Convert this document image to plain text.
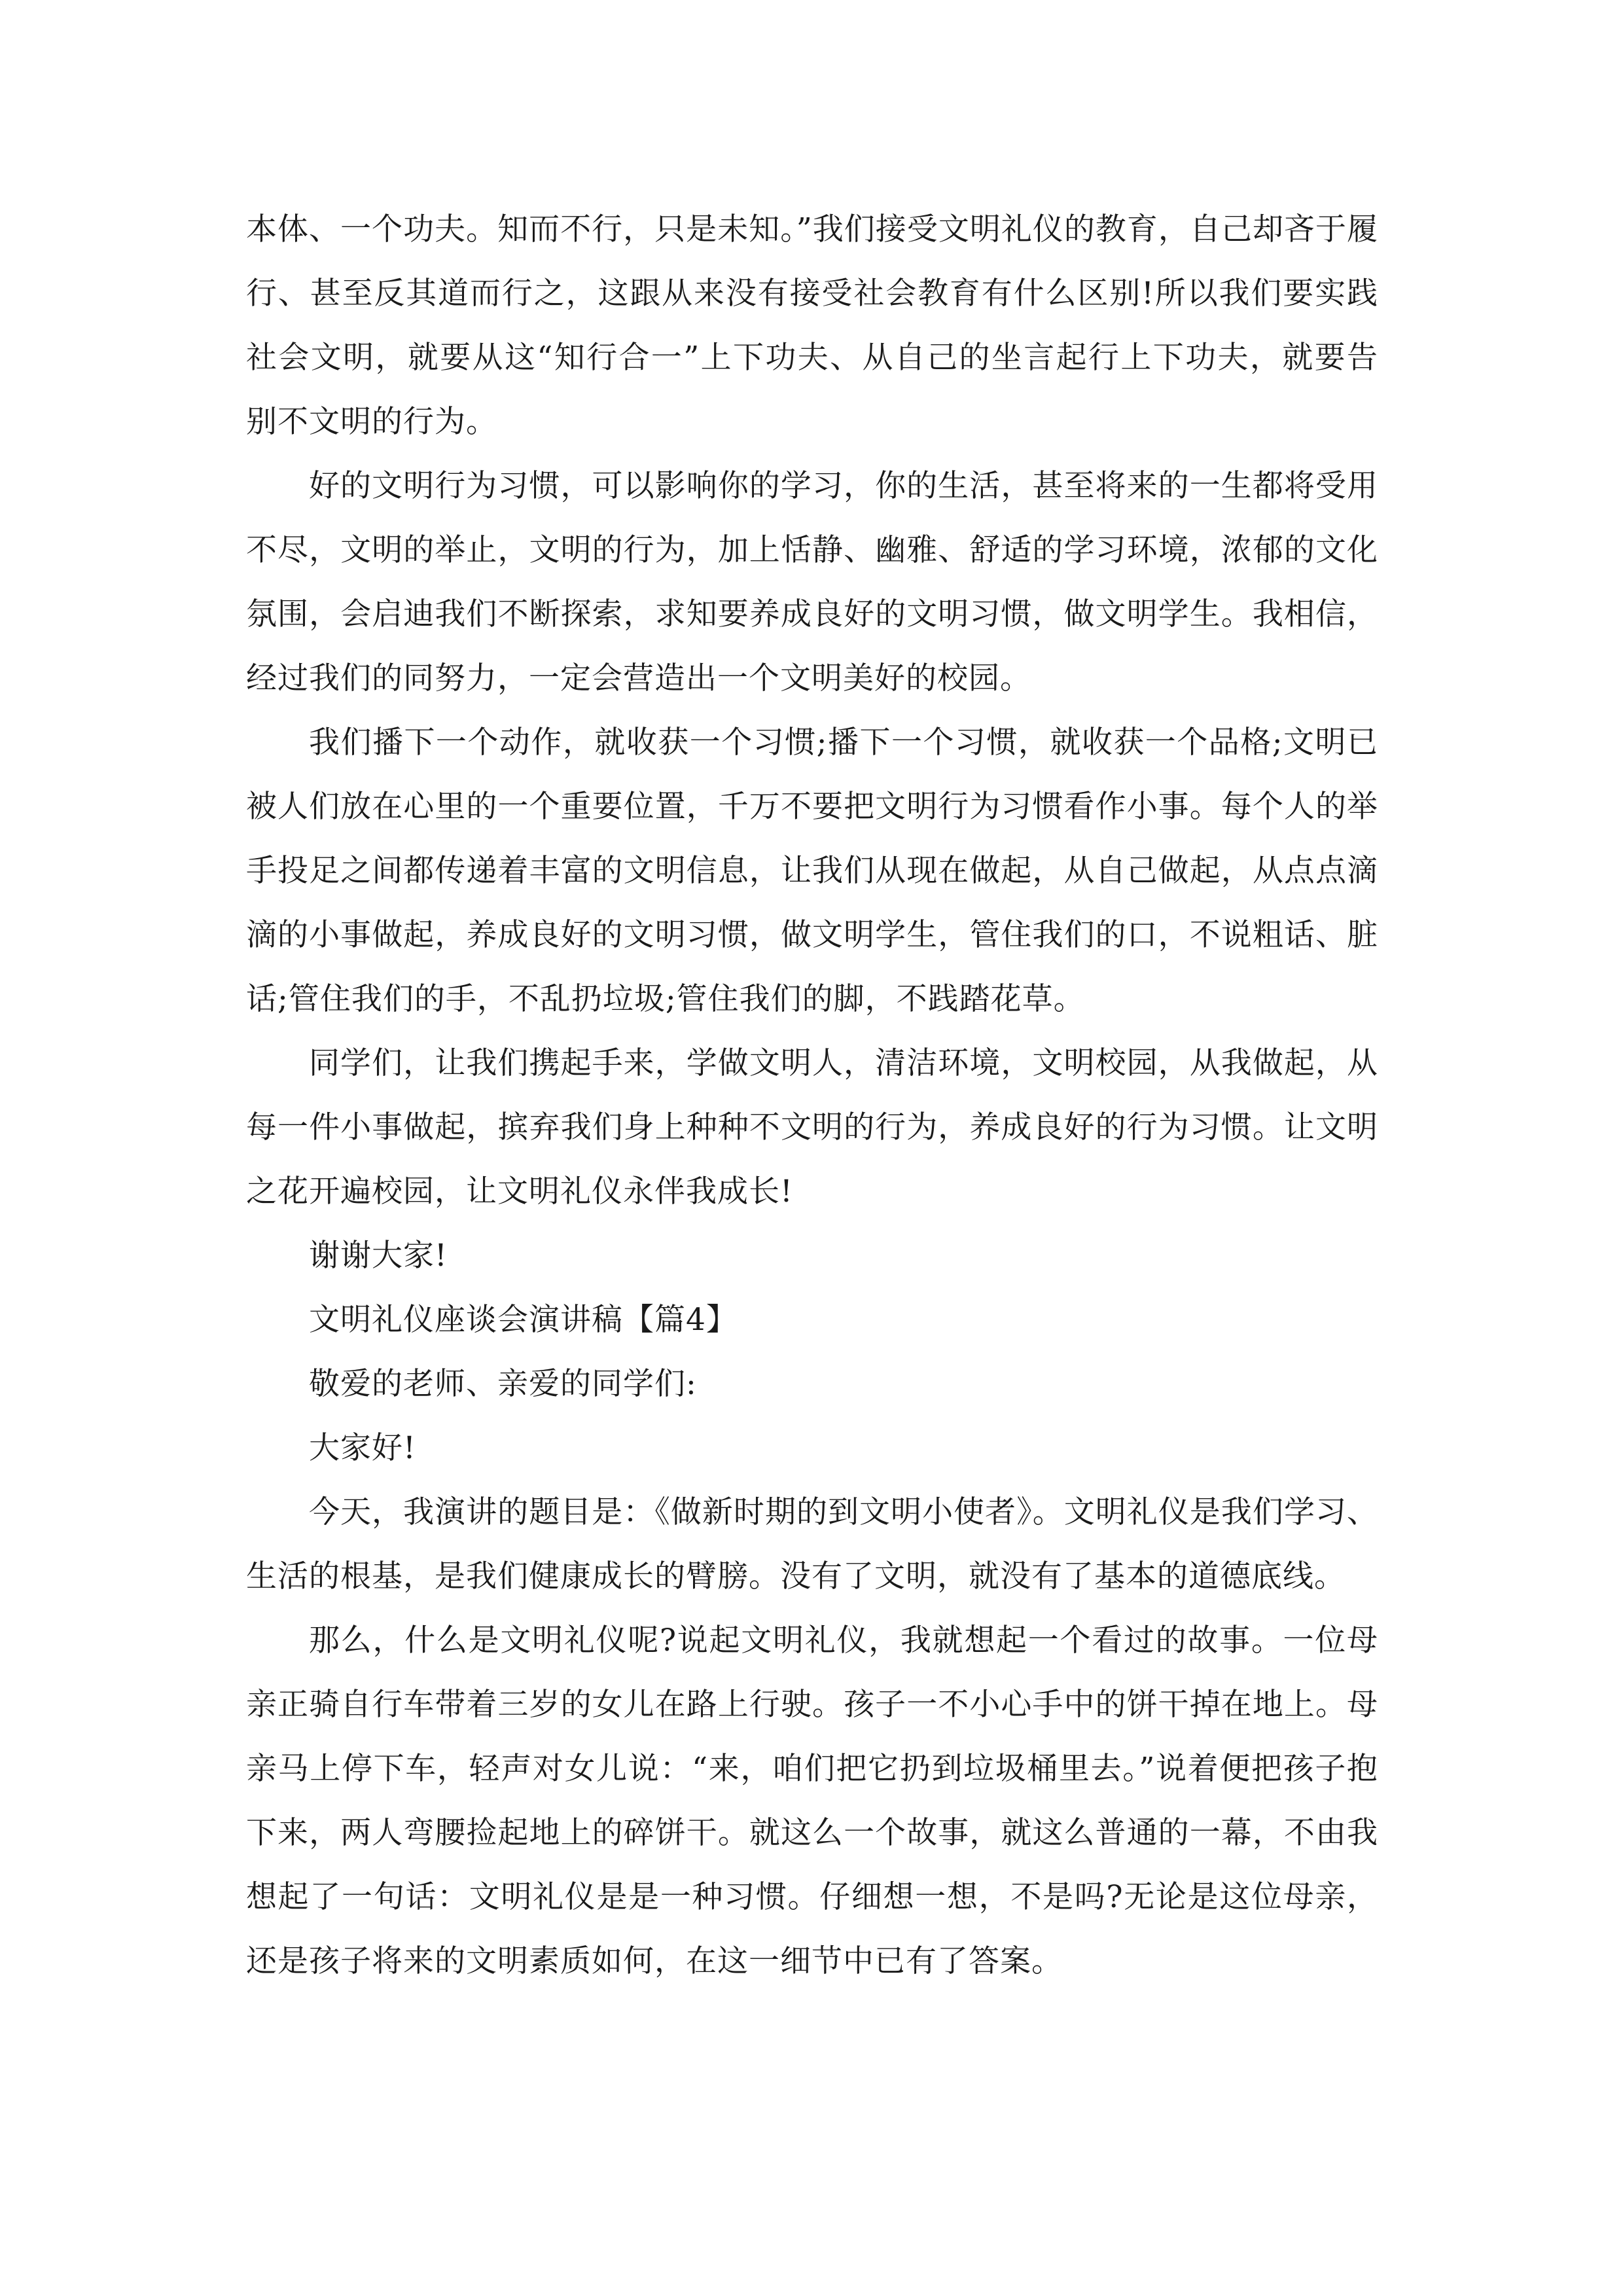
本体、一个功夫。知而不行，只是未知。”我们接受文明礼仪的教育，自己却吝于履行、甚至反其道而行之，这跟从来没有接受社会教育有什么区别!所以我们要实践社会文明，就要从这“知行合一”上下功夫、从自己的坐言起行上下功夫，就要告别不文明的行为。

好的文明行为习惯，可以影响你的学习，你的生活，甚至将来的一生都将受用不尽，文明的举止，文明的行为，加上恬静、幽雅、舒适的学习环境，浓郁的文化氛围，会启迪我们不断探索，求知要养成良好的文明习惯，做文明学生。我相信，经过我们的同努力，一定会营造出一个文明美好的校园。

我们播下一个动作，就收获一个习惯;播下一个习惯，就收获一个品格;文明已被人们放在心里的一个重要位置，千万不要把文明行为习惯看作小事。每个人的举手投足之间都传递着丰富的文明信息，让我们从现在做起，从自己做起，从点点滴滴的小事做起，养成良好的文明习惯，做文明学生，管住我们的口，不说粗话、脏话;管住我们的手，不乱扔垃圾;管住我们的脚，不践踏花草。

同学们，让我们携起手来，学做文明人，清洁环境，文明校园，从我做起，从每一件小事做起，摈弃我们身上种种不文明的行为，养成良好的行为习惯。让文明之花开遍校园，让文明礼仪永伴我成长!

谢谢大家!

文明礼仪座谈会演讲稿【篇4】

敬爱的老师、亲爱的同学们:

大家好!

今天，我演讲的题目是：《做新时期的到文明小使者》。文明礼仪是我们学习、生活的根基，是我们健康成长的臂膀。没有了文明，就没有了基本的道德底线。

那么，什么是文明礼仪呢?说起文明礼仪，我就想起一个看过的故事。一位母亲正骑自行车带着三岁的女儿在路上行驶。孩子一不小心手中的饼干掉在地上。母亲马上停下车，轻声对女儿说：“来，咱们把它扔到垃圾桶里去。”说着便把孩子抱下来，两人弯腰捡起地上的碎饼干。就这么一个故事，就这么普通的一幕，不由我想起了一句话：文明礼仪是是一种习惯。仔细想一想，不是吗?无论是这位母亲，还是孩子将来的文明素质如何，在这一细节中已有了答案。
